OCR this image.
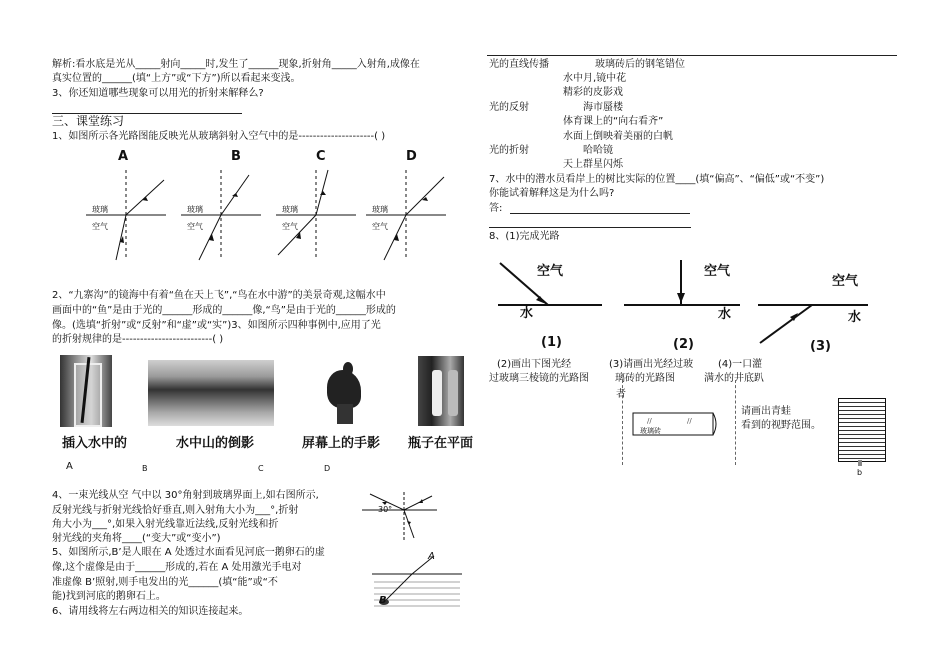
解析:看水底是光从_____射向_____时,发生了______现象,折射角_____入射角,成像在
真实位置的______(填“上方”或“下方”)所以看起来变浅。
3、你还知道哪些现象可以用光的折射来解释么?
三、课堂练习
1、如图所示各光路图能反映光从玻璃斜射入空气中的是---------------------( )
A	B	C	D
玻璃
空气
玻璃
空气
玻璃
空气
玻璃
空气
2、“九寨沟”的镜海中有着“鱼在天上飞”,“鸟在水中游”的美景奇观,这幅水中
画面中的“鱼”是由于光的______形成的______像,“鸟”是由于光的______形成的
像。(选填“折射”或“反射”和“虚”或“实”)3、如图所示四种事例中,应用了光
的折射规律的是-------------------------( )
插入水中的	水中山的倒影	屏幕上的手影 瓶子在平面
A	B	C	D
4、一束光线从空 气中以 30°角射到玻璃界面上,如右图所示,
反射光线与折射光线恰好垂直,则入射角大小为___°,折射
角大小为___°,如果入射光线靠近法线,反射光线和折
射光线的夹角将____(“变大”或“变小”)
30°
5、如图所示,B’是人眼在 A 处透过水面看见河底一鹅卵石的虚
像,这个虚像是由于______形成的,若在 A 处用激光手电对
准虚像 B’照射,则手电发出的光______(填“能”或“不
能)找到河底的鹅卵石上。
A
B
6、请用线将左右两边相关的知识连接起来。
光的直线传播	玻璃砖后的钢笔错位
水中月,镜中花
精彩的皮影戏
光的反射	海市蜃楼
体育课上的“向右看齐”
水面上倒映着美丽的白帆
光的折射	哈哈镜
天上群星闪烁
7、水中的潜水员看岸上的树比实际的位置____(填“偏高”、“偏低”或“不变”)
你能试着解释这是为什么吗?
答:
8、(1)完成光路
空气
水
空气
水
空气
水
(1)	(2)	(3)
(2)画出下图光经
过玻璃三棱镜的光路图
(3)请画出光经过玻
璃砖的光路图
者
(4)一口灌
满水的井底趴
请画出青蛙
看到的视野范围。
//	//
玻璃砖
b
